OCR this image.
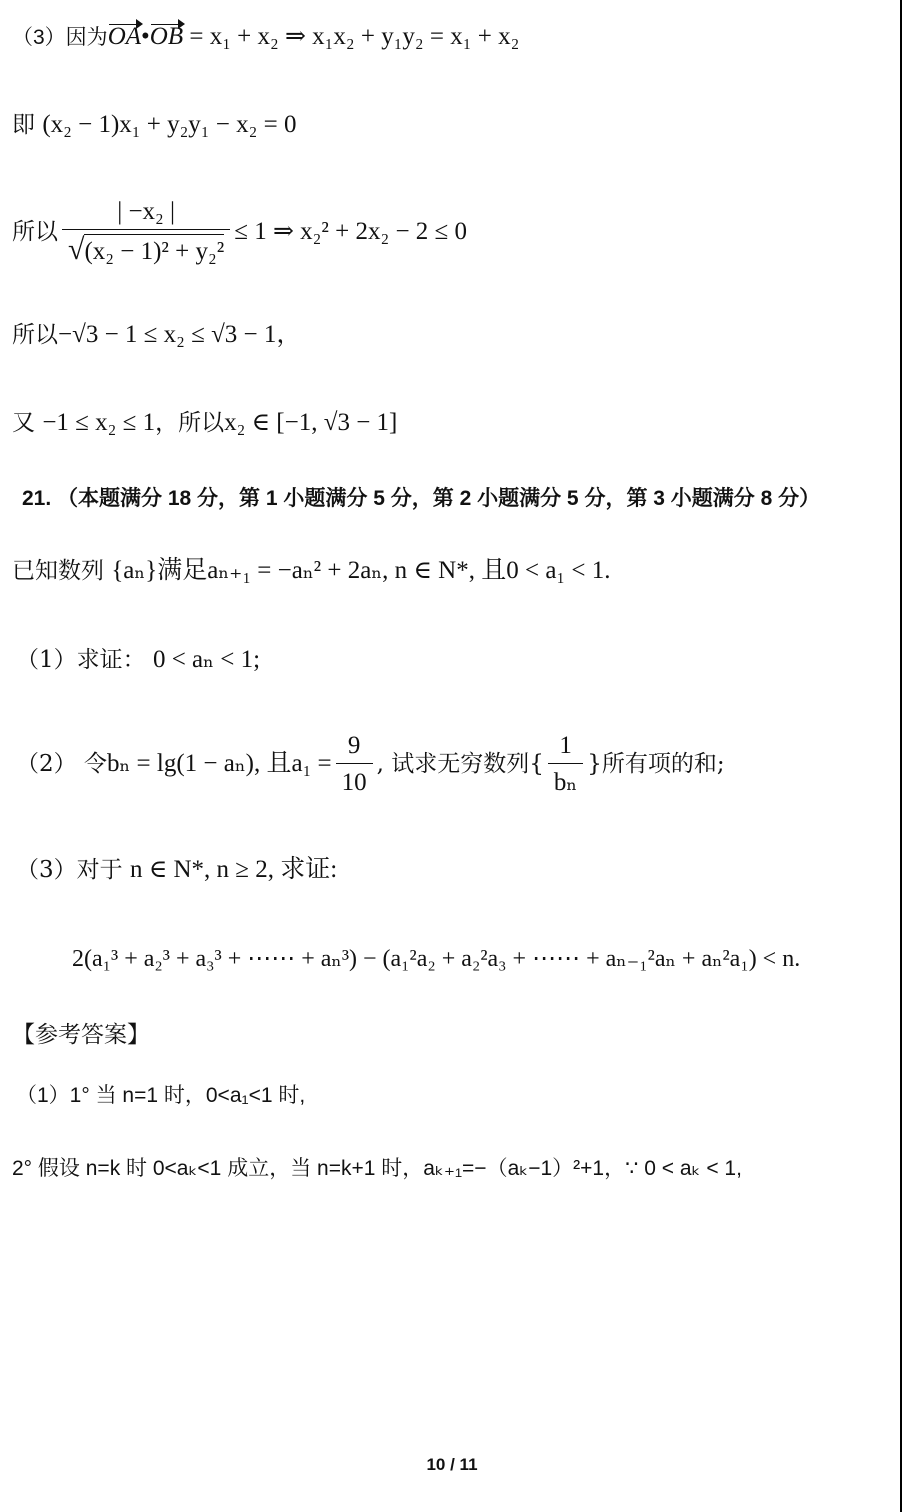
（3）因为OA•OB = x₁ + x₂ ⇒ x₁x₂ + y₁y₂ = x₁ + x₂
即 (x₂ − 1)x₁ + y₂y₁ − x₂ = 0
所以 $\frac{\text{| −x₂ |}}{\text{√(x₂ − 1)² + y₂²}} \le 1$ ⇒ x₂² + 2x₂ − 2 ≤ 0
所以−√3 − 1 ≤ x₂ ≤ √3 − 1，
又 −1 ≤ x₂ ≤ 1，所以x₂ ∈ [−1, √3 − 1]
21. （本题满分 18 分，第 1 小题满分 5 分，第 2 小题满分 5 分，第 3 小题满分 8 分）
已知数列 {aₙ}满足aₙ₊₁ = −aₙ² + 2aₙ, n ∈ N*, 且0 < a₁ < 1.
（1）求证： 0 < aₙ < 1;
（2） 令 bₙ = lg(1 − aₙ), 且$a_1 = \frac{9}{10}$ , 试求无穷数列{ $\frac{1}{\text{bₙ}}$ }所有项的和;
（3）对于 n ∈ N*, n ≥ 2, 求证:
2(a₁³ + a₂³ + a₃³ + ⋯⋯ + aₙ³) − (a₁²a₂ + a₂²a₃ + ⋯⋯ + aₙ₋₁²aₙ + aₙ²a₁) < n.
【参考答案】
（1）1° 当 n=1 时，0<a₁<1 时,
2° 假设 n=k 时 0<aₖ<1 成立，当 n=k+1 时，aₖ₊₁=−（aₖ−1）²+1，∵ 0 < aₖ < 1,
10 / 11
